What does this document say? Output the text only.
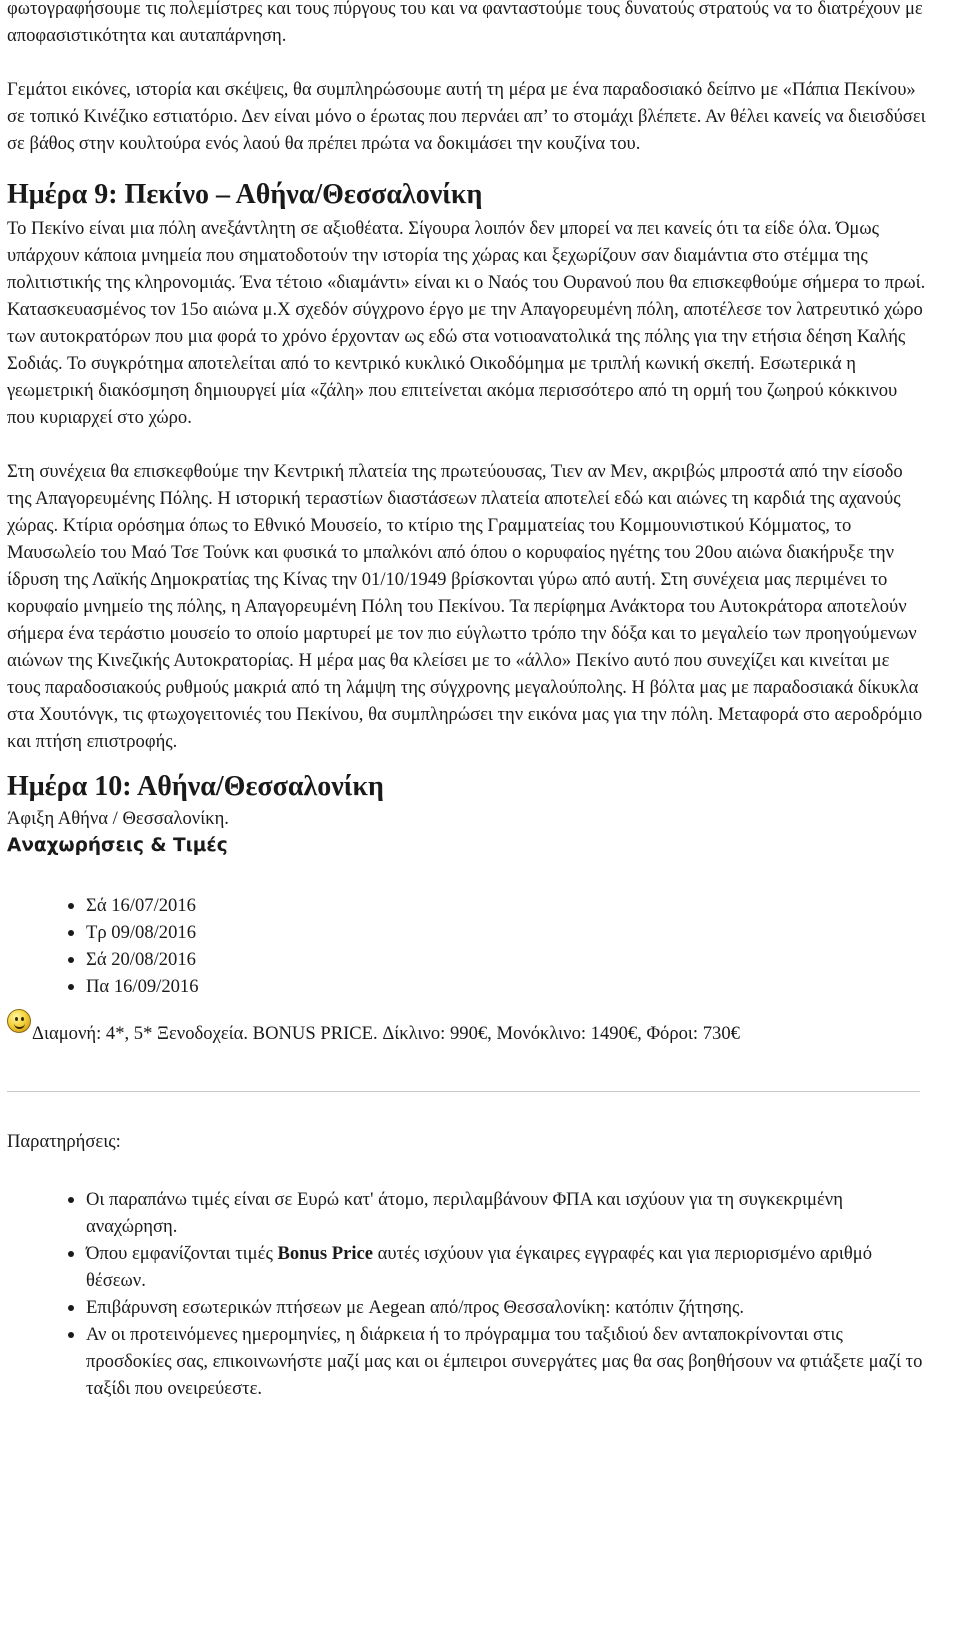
φωτογραφήσουμε τις πολεμίστρες και τους πύργους του και να φανταστούμε τους δυνατούς στρατούς να το διατρέχουν με αποφασιστικότητα και αυταπάρνηση.

Γεμάτοι εικόνες, ιστορία και σκέψεις, θα συμπληρώσουμε αυτή τη μέρα με ένα παραδοσιακό δείπνο με «Πάπια Πεκίνου» σε τοπικό Κινέζικο εστιατόριο. Δεν είναι μόνο ο έρωτας που περνάει απ’ το στομάχι βλέπετε. Αν θέλει κανείς να διεισδύσει σε βάθος στην κουλτούρα ενός λαού θα πρέπει πρώτα να δοκιμάσει την κουζίνα του.

Ημέρα 9: Πεκίνο – Αθήνα/Θεσσαλονίκη

Το Πεκίνο είναι μια πόλη ανεξάντλητη σε αξιοθέατα. Σίγουρα λοιπόν δεν μπορεί να πει κανείς ότι τα είδε όλα. Όμως υπάρχουν κάποια μνημεία που σηματοδοτούν την ιστορία της χώρας και ξεχωρίζουν σαν διαμάντια στο στέμμα της πολιτιστικής της κληρονομιάς. Ένα τέτοιο «διαμάντι» είναι κι ο Ναός του Ουρανού που θα επισκεφθούμε σήμερα το πρωί. Κατασκευασμένος τον 15ο αιώνα μ.Χ σχεδόν σύγχρονο έργο με την Απαγορευμένη πόλη, αποτέλεσε τον λατρευτικό χώρο των αυτοκρατόρων που μια φορά το χρόνο έρχονταν ως εδώ στα νοτιοανατολικά της πόλης για την ετήσια δέηση Καλής Σοδιάς. Το συγκρότημα αποτελείται από το κεντρικό κυκλικό Οικοδόμημα με τριπλή κωνική σκεπή. Εσωτερικά η γεωμετρική διακόσμηση δημιουργεί μία «ζάλη» που επιτείνεται ακόμα περισσότερο από τη ορμή του ζωηρού κόκκινου που κυριαρχεί στο χώρο.

Στη συνέχεια θα επισκεφθούμε την Κεντρική πλατεία της πρωτεύουσας, Τιεν αν Μεν, ακριβώς μπροστά από την είσοδο της Απαγορευμένης Πόλης. Η ιστορική τεραστίων διαστάσεων πλατεία αποτελεί εδώ και αιώνες τη καρδιά της αχανούς χώρας. Κτίρια ορόσημα όπως το Εθνικό Μουσείο, το κτίριο της Γραμματείας του Κομμουνιστικού Κόμματος, το Μαυσωλείο του Μαό Τσε Τούνκ και φυσικά το μπαλκόνι από όπου ο κορυφαίος ηγέτης του 20ου αιώνα διακήρυξε την ίδρυση της Λαϊκής Δημοκρατίας της Κίνας την 01/10/1949 βρίσκονται γύρω από αυτή. Στη συνέχεια μας περιμένει το κορυφαίο μνημείο της πόλης, η Απαγορευμένη Πόλη του Πεκίνου. Τα περίφημα Ανάκτορα του Αυτοκράτορα αποτελούν σήμερα ένα τεράστιο μουσείο το οποίο μαρτυρεί με τον πιο εύγλωττο τρόπο την δόξα και το μεγαλείο των προηγούμενων αιώνων της Κινεζικής Αυτοκρατορίας. Η μέρα μας θα κλείσει με το «άλλο» Πεκίνο αυτό που συνεχίζει και κινείται με τους παραδοσιακούς ρυθμούς μακριά από τη λάμψη της σύγχρονης μεγαλούπολης. Η βόλτα μας με παραδοσιακά δίκυκλα στα Χουτόνγκ, τις φτωχογειτονιές του Πεκίνου, θα συμπληρώσει την εικόνα μας για την πόλη. Μεταφορά στο αεροδρόμιο και πτήση επιστροφής.

Ημέρα 10: Αθήνα/Θεσσαλονίκη

Άφιξη Αθήνα / Θεσσαλονίκη.

Αναχωρήσεις & Τιμές
Σά 16/07/2016
Τρ 09/08/2016
Σά 20/08/2016
Πα 16/09/2016

Διαμονή: 4*, 5* Ξενοδοχεία. BONUS PRICE. Δίκλινο: 990€, Μονόκλινο: 1490€, Φόροι: 730€

Παρατηρήσεις:

Οι παραπάνω τιμές είναι σε Ευρώ κατ' άτομο, περιλαμβάνουν ΦΠΑ και ισχύουν για τη συγκεκριμένη αναχώρηση.
Όπου εμφανίζονται τιμές Bonus Price αυτές ισχύουν για έγκαιρες εγγραφές και για περιορισμένο αριθμό θέσεων.
Επιβάρυνση εσωτερικών πτήσεων με Aegean από/προς Θεσσαλονίκη: κατόπιν ζήτησης.
Αν οι προτεινόμενες ημερομηνίες, η διάρκεια ή το πρόγραμμα του ταξιδιού δεν ανταποκρίνονται στις προσδοκίες σας, επικοινωνήστε μαζί μας και οι έμπειροι συνεργάτες μας θα σας βοηθήσουν να φτιάξετε μαζί το ταξίδι που ονειρεύεστε.
